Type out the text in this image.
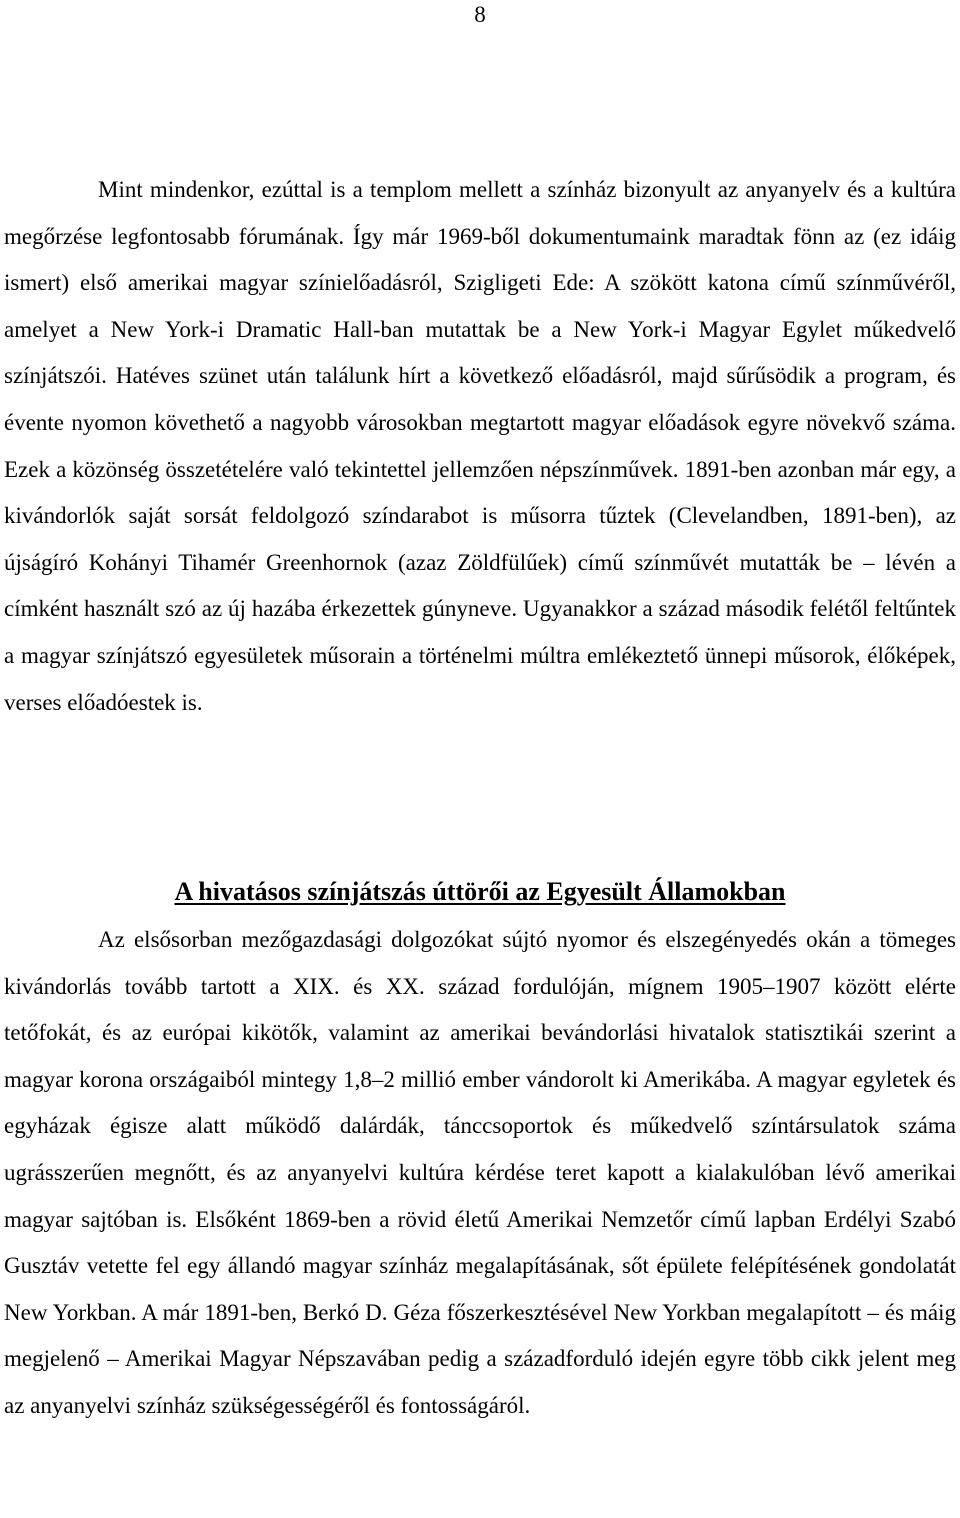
8

Mint mindenkor, ezúttal is a templom mellett a színház bizonyult az anyanyelv és a kultúra megőrzése legfontosabb fórumának. Így már 1969-ből dokumentumaink maradtak fönn az (ez idáig ismert) első amerikai magyar színielőadásról, Szigligeti Ede: A szökött katona című színművéről, amelyet a New York-i Dramatic Hall-ban mutattak be a New York-i Magyar Egylet műkedvelő színjátszói. Hatéves szünet után találunk hírt a következő előadásról, majd sűrűsödik a program, és évente nyomon követhető a nagyobb városokban megtartott magyar előadások egyre növekvő száma. Ezek a közönség összetételére való tekintettel jellemzően népszínművek. 1891-ben azonban már egy, a kivándorlók saját sorsát feldolgozó színdarabot is műsorra tűztek (Clevelandben, 1891-ben), az újságíró Kohányi Tihamér Greenhornok (azaz Zöldfülűek) című színművét mutatták be – lévén a címként használt szó az új hazába érkezettek gúnyneve. Ugyanakkor a század második felétől feltűntek a magyar színjátszó egyesületek műsorain a történelmi múltra emlékeztető ünnepi műsorok, élőképek, verses előadóestek is.

A hivatásos színjátszás úttörői az Egyesült Államokban

Az elsősorban mezőgazdasági dolgozókat sújtó nyomor és elszegényedés okán a tömeges kivándorlás tovább tartott a XIX. és XX. század fordulóján, mígnem 1905–1907 között elérte tetőfokát, és az európai kikötők, valamint az amerikai bevándorlási hivatalok statisztikái szerint a magyar korona országaiból mintegy 1,8–2 millió ember vándorolt ki Amerikába. A magyar egyletek és egyházak égisze alatt működő dalárdák, tánccsoportok és műkedvelő színtársulatok száma ugrásszerűen megnőtt, és az anyanyelvi kultúra kérdése teret kapott a kialakulóban lévő amerikai magyar sajtóban is. Elsőként 1869-ben a rövid életű Amerikai Nemzetőr című lapban Erdélyi Szabó Gusztáv vetette fel egy állandó magyar színház megalapításának, sőt épülete felépítésének gondolatát New Yorkban. A már 1891-ben, Berkó D. Géza főszerkesztésével New Yorkban megalapított – és máig megjelenő – Amerikai Magyar Népszavában pedig a századforduló idején egyre több cikk jelent meg az anyanyelvi színház szükségességéről és fontosságáról.
